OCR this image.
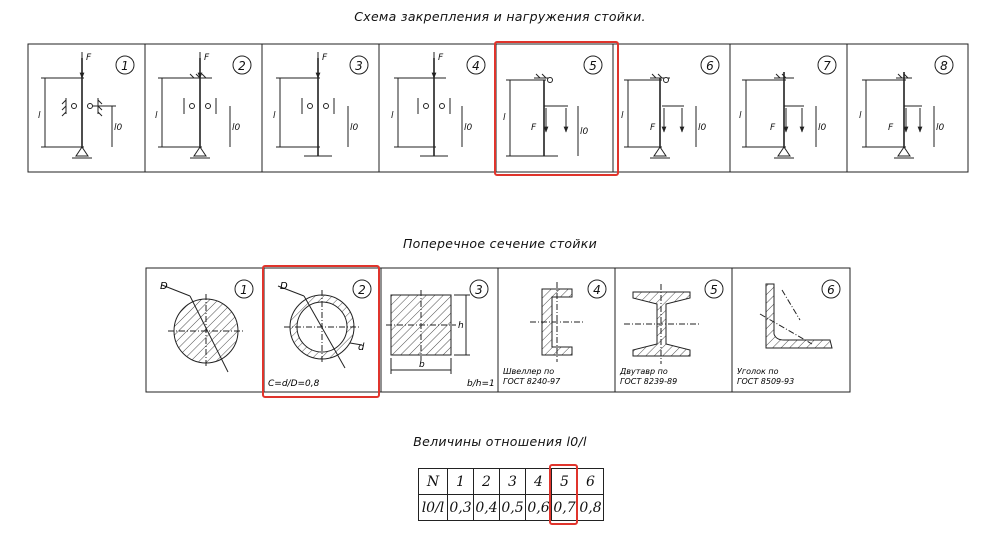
Схема закрепления и нагружения стойки.
Поперечное сечение стойки
Величины отношения l0/l
1	2	3	4	5	6	7	8
F	F	F	F
F	F	F	F
l	l	l	l	l	l	l	l
l0	l0	l0	l0	l0	l0	l0	l0
D	D
d
C=d/D=0,8
b
h
b/h=1
Швеллер по
ГОСТ 8240-97
Двутавр по
ГОСТ 8239-89
Уголок по
ГОСТ 8509-93
1	2	3	4	5	6
N	1	2	3	4	5	6
l0/l	0,3	0,4	0,5	0,6	0,7	0,8
